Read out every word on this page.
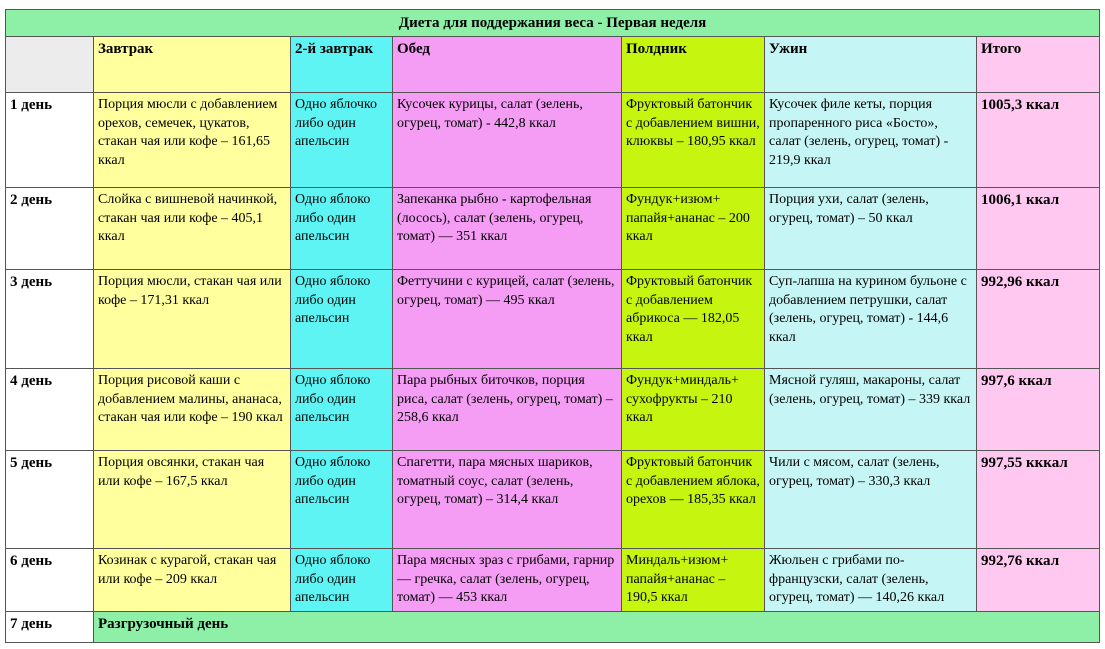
Диета для поддержания веса - Первая неделя						
	Завтрак	2-й завтрак	Обед	Полдник	Ужин	Итого
1 день	Порция мюсли с добавлением орехов, семечек, цукатов, стакан чая или кофе – 161,65 ккал	Одно яблочко либо один апельсин	Кусочек курицы, салат (зелень, огурец, томат) - 442,8 ккал	Фруктовый батончик с добавлением вишни, клюквы – 180,95 ккал	Кусочек филе кеты, порция пропаренного риса «Босто», салат (зелень, огурец, томат) - 219,9 ккал	1005,3 ккал
2 день	Слойка с вишневой начинкой, стакан чая или кофе – 405,1 ккал	Одно яблоко либо один апельсин	Запеканка рыбно - картофельная (лосось), салат (зелень, огурец, томат) — 351 ккал	Фундук+изюм+ папайя+ананас – 200 ккал	Порция ухи, салат (зелень, огурец, томат) – 50 ккал	1006,1 ккал
3 день	Порция мюсли, стакан чая или кофе – 171,31 ккал	Одно яблоко либо один апельсин	Феттучини с курицей, салат (зелень, огурец, томат) — 495 ккал	Фруктовый батончик с добавлением абрикоса — 182,05 ккал	Суп-лапша на курином бульоне с добавлением петрушки, салат (зелень, огурец, томат) - 144,6 ккал	992,96 ккал
4 день	Порция рисовой каши с добавлением малины, ананаса, стакан чая или кофе – 190 ккал	Одно яблоко либо один апельсин	Пара рыбных биточков, порция риса, салат (зелень, огурец, томат) – 258,6 ккал	Фундук+миндаль+ сухофрукты – 210 ккал	Мясной гуляш, макароны, салат (зелень, огурец, томат) – 339 ккал	997,6 ккал
5 день	Порция овсянки, стакан чая или кофе – 167,5 ккал	Одно яблоко либо один апельсин	Спагетти, пара мясных шариков, томатный соус, салат (зелень, огурец, томат) – 314,4 ккал	Фруктовый батончик с добавлением яблока, орехов — 185,35 ккал	Чили с мясом, салат (зелень, огурец, томат) – 330,3 ккал	997,55 кккал
6 день	Козинак с курагой, стакан чая или кофе – 209 ккал	Одно яблоко либо один апельсин	Пара мясных зраз с грибами, гарнир — гречка, салат (зелень, огурец, томат) — 453 ккал	Миндаль+изюм+ папайя+ананас – 190,5 ккал	Жюльен с грибами по-французски, салат (зелень, огурец, томат) — 140,26 ккал	992,76 ккал
7 день	Разгрузочный день					
